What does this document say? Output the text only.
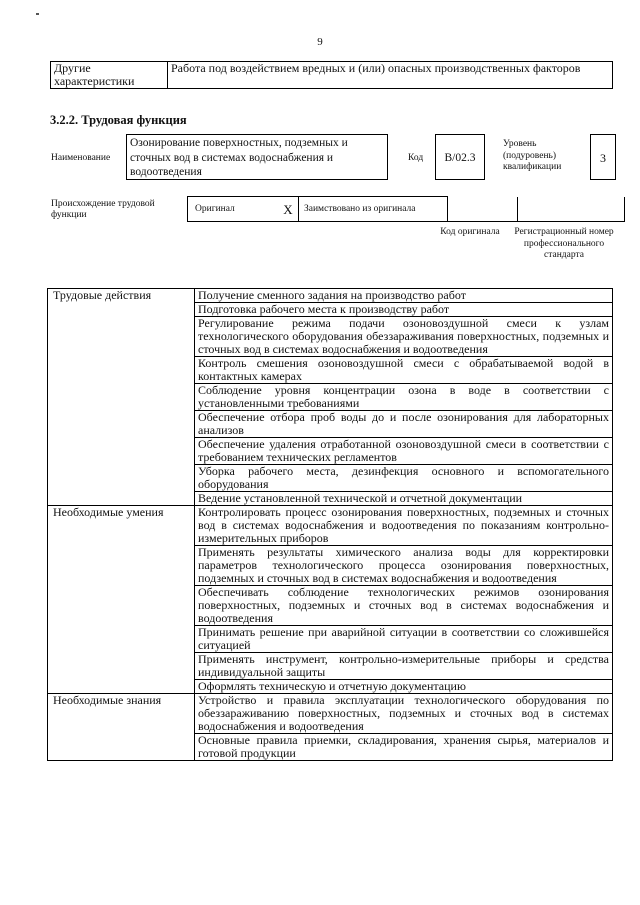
9
Другие характеристики	Работа под воздействием вредных и (или) опасных производственных факторов
3.2.2. Трудовая функция
Наименование
Озонирование поверхностных, подземных и сточных вод в системах водоснабжения и водоотведения
Код	В/02.3
Уровень (подуровень) квалификации
3
Происхождение трудовой функции
Оригинал	X	Заимствовано из оригинала		
Код оригинала	Регистрационный номер профессионального стандарта
Трудовые действия	Получение сменного задания на производство работ
	Подготовка рабочего места к производству работ
	Регулирование режима подачи озоновоздушной смеси к узлам технологического оборудования обеззараживания поверхностных, подземных и сточных вод в системах водоснабжения и водоотведения
	Контроль смешения озоновоздушной смеси с обрабатываемой водой в контактных камерах
	Соблюдение уровня концентрации озона в воде в соответствии с установленными требованиями
	Обеспечение отбора проб воды до и после озонирования для лабораторных анализов
	Обеспечение удаления отработанной озоновоздушной смеси в соответствии с требованием технических регламентов
	Уборка рабочего места, дезинфекция основного и вспомогательного оборудования
	Ведение установленной технической и отчетной документации
Необходимые умения	Контролировать процесс озонирования поверхностных, подземных и сточных вод в системах водоснабжения и водоотведения по показаниям контрольно-измерительных приборов
	Применять результаты химического анализа воды для корректировки параметров технологического процесса озонирования поверхностных, подземных и сточных вод в системах водоснабжения и водоотведения
	Обеспечивать соблюдение технологических режимов озонирования поверхностных, подземных и сточных вод в системах водоснабжения и водоотведения
	Принимать решение при аварийной ситуации в соответствии со сложившейся ситуацией
	Применять инструмент, контрольно-измерительные приборы и средства индивидуальной защиты
	Оформлять техническую и отчетную документацию
Необходимые знания	Устройство и правила эксплуатации технологического оборудования по обеззараживанию поверхностных, подземных и сточных вод в системах водоснабжения и водоотведения
	Основные правила приемки, складирования, хранения сырья, материалов и готовой продукции
